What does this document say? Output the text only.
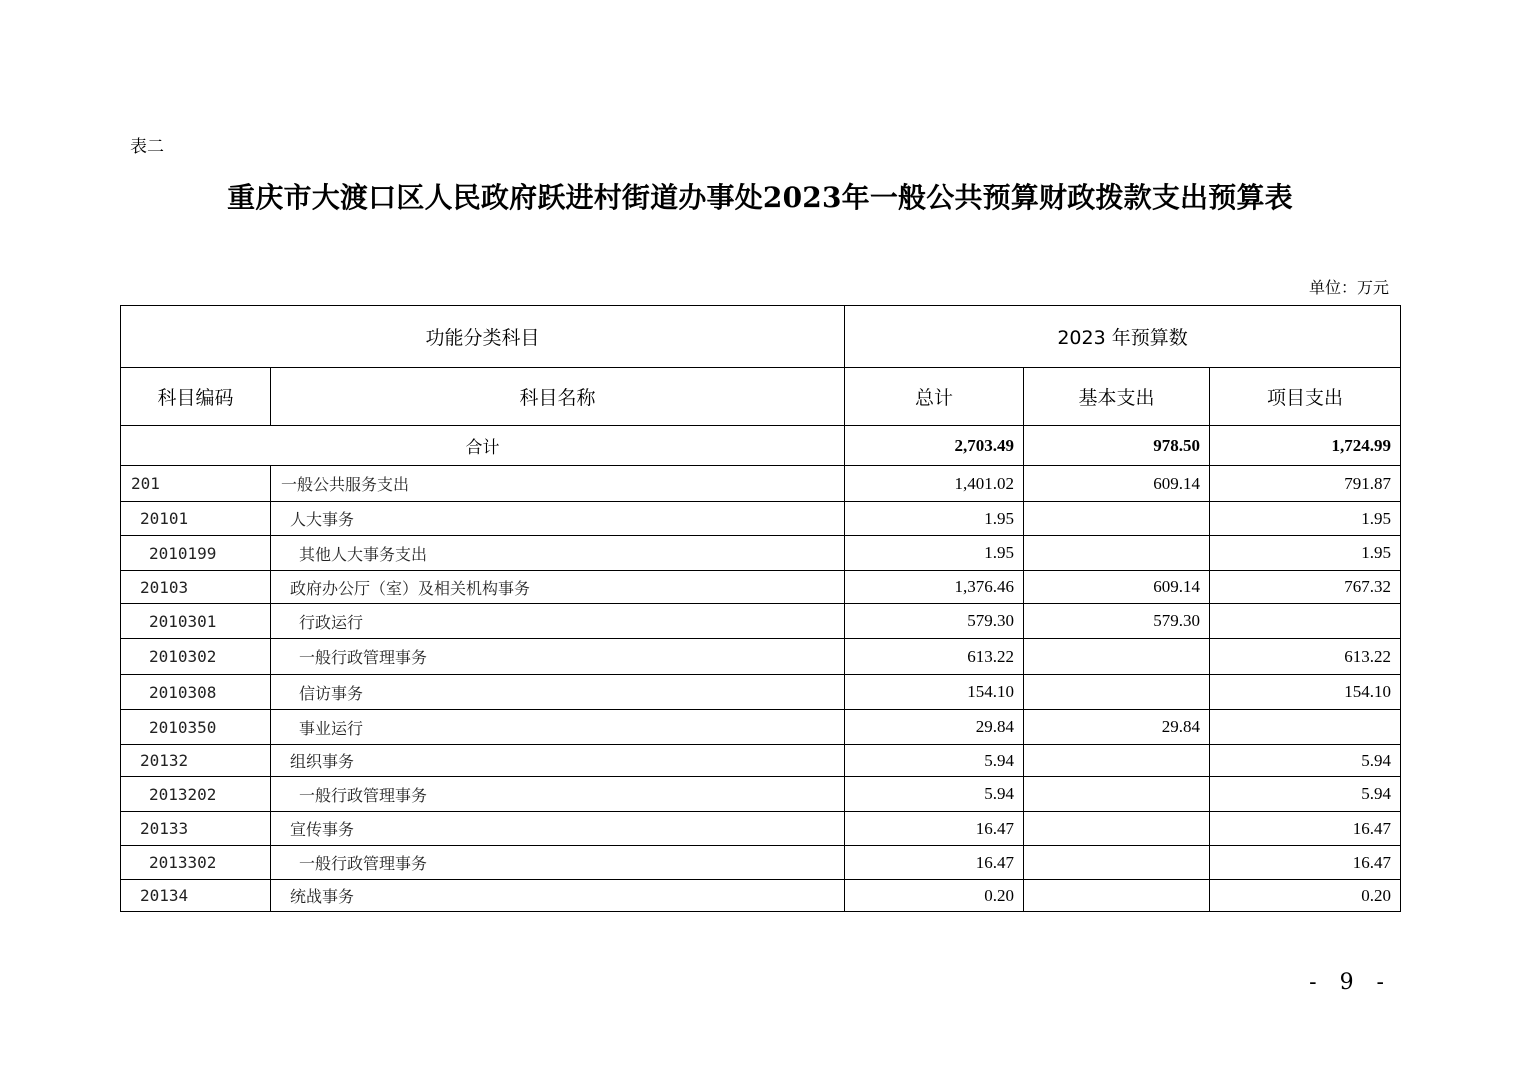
表二
重庆市大渡口区人民政府跃进村街道办事处2023年一般公共预算财政拨款支出预算表
单位：万元
功能分类科目		2023 年预算数		
科目编码	科目名称	总计	基本支出	项目支出
合计		2,703.49	978.50	1,724.99
201	一般公共服务支出	1,401.02	609.14	791.87
20101	人大事务	1.95		1.95
2010199	其他人大事务支出	1.95		1.95
20103	政府办公厅（室）及相关机构事务	1,376.46	609.14	767.32
2010301	行政运行	579.30	579.30	
2010302	一般行政管理事务	613.22		613.22
2010308	信访事务	154.10		154.10
2010350	事业运行	29.84	29.84	
20132	组织事务	5.94		5.94
2013202	一般行政管理事务	5.94		5.94
20133	宣传事务	16.47		16.47
2013302	一般行政管理事务	16.47		16.47
20134	统战事务	0.20		0.20
- 9 -
